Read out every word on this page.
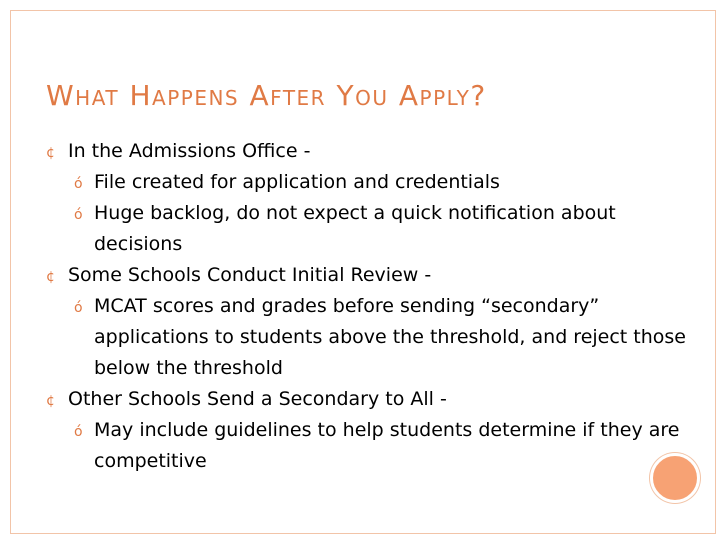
What Happens After You Apply?
¢ In the Admissions Office -
ó File created for application and credentials
ó Huge backlog, do not expect a quick notification about decisions
¢ Some Schools Conduct Initial Review -
ó MCAT scores and grades before sending “secondary” applications to students above the threshold, and reject those below the threshold
¢ Other Schools Send a Secondary to All -
ó May include guidelines to help students determine if they are competitive
